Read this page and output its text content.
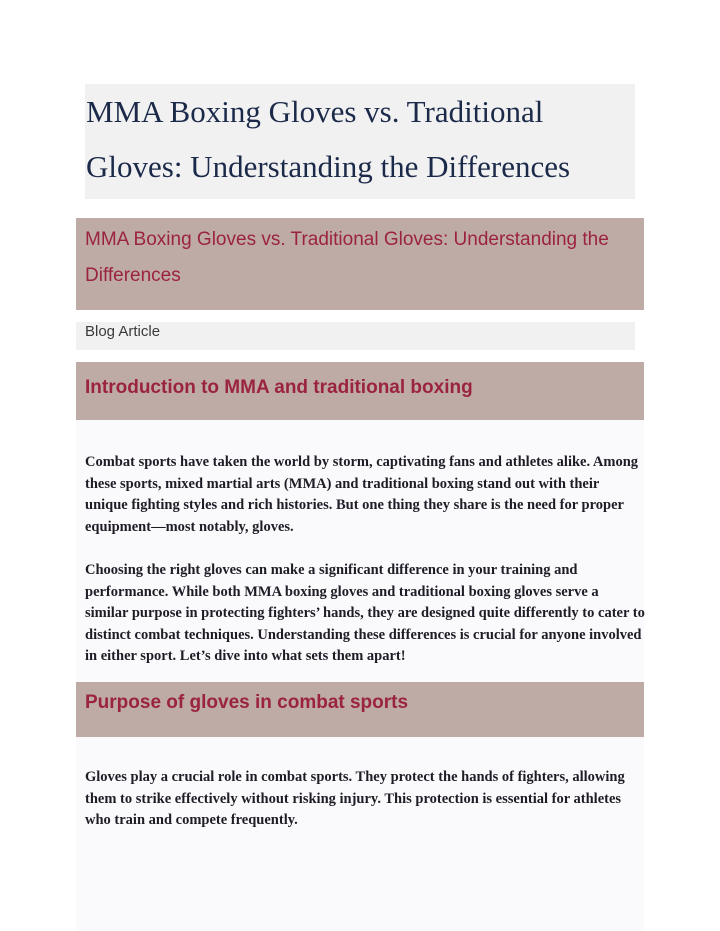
MMA Boxing Gloves vs. Traditional Gloves: Understanding the Differences
MMA Boxing Gloves vs. Traditional Gloves: Understanding the Differences
Blog Article
Introduction to MMA and traditional boxing

Combat sports have taken the world by storm, captivating fans and athletes alike. Among these sports, mixed martial arts (MMA) and traditional boxing stand out with their unique fighting styles and rich histories. But one thing they share is the need for proper equipment—most notably, gloves.

Choosing the right gloves can make a significant difference in your training and performance. While both MMA boxing gloves and traditional boxing gloves serve a similar purpose in protecting fighters’ hands, they are designed quite differently to cater to distinct combat techniques. Understanding these differences is crucial for anyone involved in either sport. Let’s dive into what sets them apart!

Purpose of gloves in combat sports

Gloves play a crucial role in combat sports. They protect the hands of fighters, allowing them to strike effectively without risking injury. This protection is essential for athletes who train and compete frequently.
